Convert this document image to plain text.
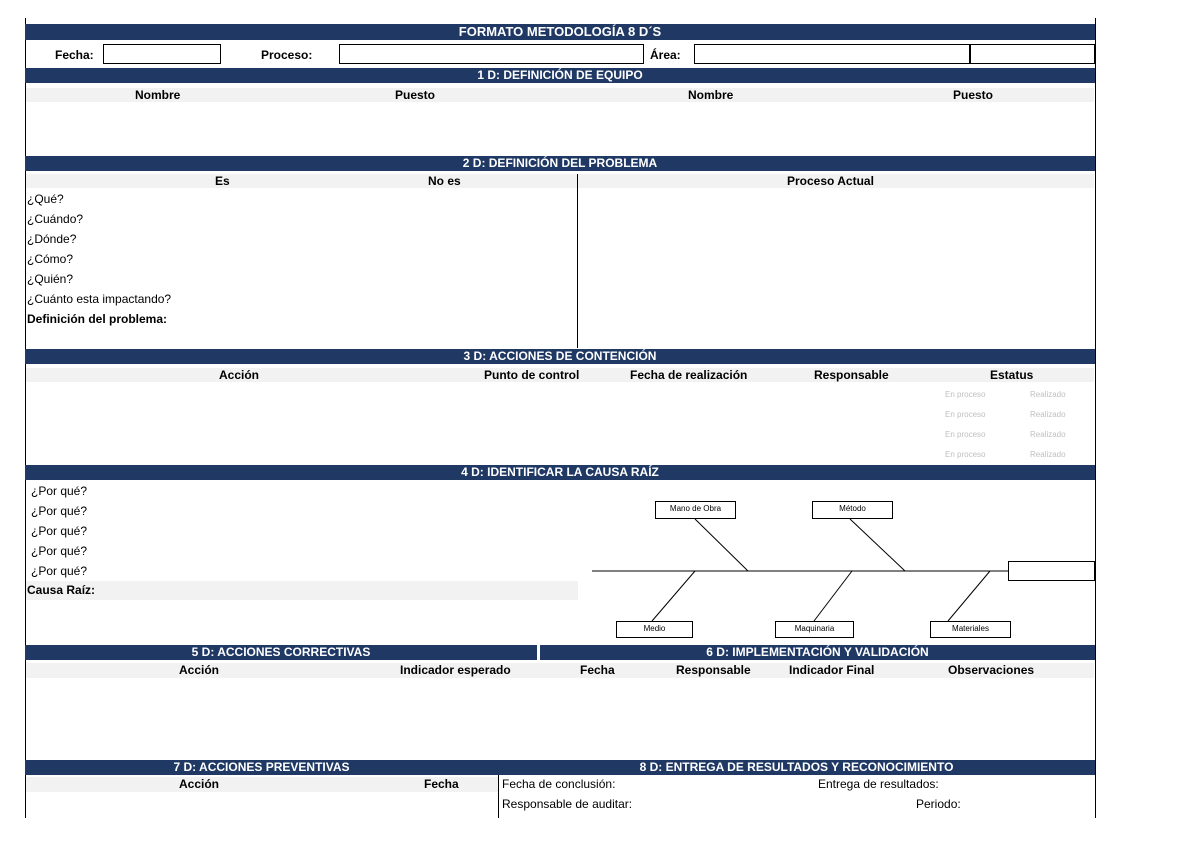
FORMATO METODOLOGÍA 8 D´S
Fecha:	Proceso:	Área:
1 D: DEFINICIÓN DE EQUIPO
Nombre	Puesto	Nombre	Puesto
2 D: DEFINICIÓN DEL PROBLEMA
Es	No es	Proceso Actual
¿Qué?
¿Cuándo?
¿Dónde?
¿Cómo?
¿Quién?
¿Cuánto esta impactando?
Definición del problema:
3 D: ACCIONES DE CONTENCIÓN
Acción	Punto de control	Fecha de realización	Responsable	Estatus
En proceso	Realizado
En proceso	Realizado
En proceso	Realizado
En proceso	Realizado
4 D: IDENTIFICAR LA CAUSA RAÍZ
¿Por qué?
¿Por qué?
¿Por qué?
¿Por qué?
¿Por qué?
Causa Raíz:
Mano de Obra	Método
Medio	Maquinaria	Materiales
5 D: ACCIONES CORRECTIVAS	6 D: IMPLEMENTACIÓN Y VALIDACIÓN
Acción	Indicador esperado	Fecha	Responsable	Indicador Final	Observaciones
7 D: ACCIONES PREVENTIVAS	8 D: ENTREGA DE RESULTADOS Y RECONOCIMIENTO
Acción	Fecha	Fecha de conclusión:	Entrega de resultados:
Responsable de auditar:	Periodo:
